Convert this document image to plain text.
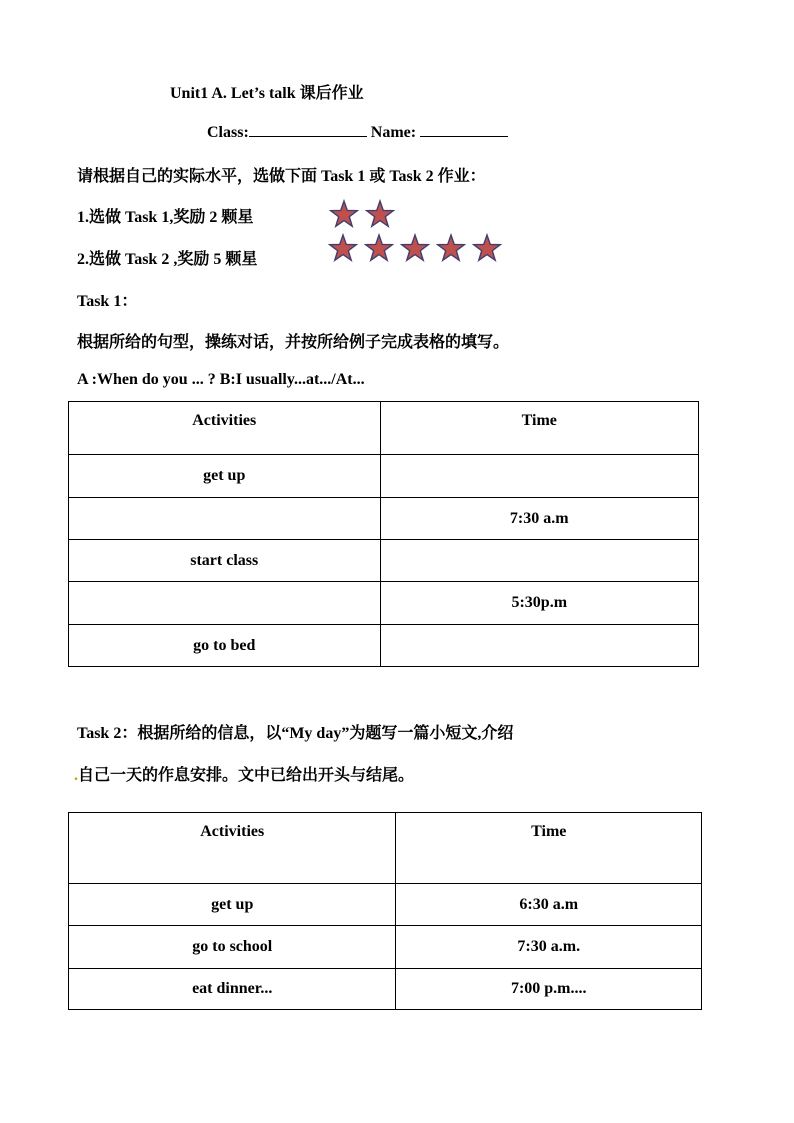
Unit1 A. Let’s talk 课后作业
Class:	Name:
请根据自己的实际水平，选做下面 Task 1 或 Task 2 作业：
1.选做 Task 1,奖励 2 颗星
2.选做 Task 2 ,奖励 5 颗星
Task 1：
根据所给的句型，操练对话，并按所给例子完成表格的填写。
A :When do you ... ? B:I usually...at.../At...
Activities	Time
get up	
	7:30 a.m
start class	
	5:30p.m
go to bed	
Task 2：根据所给的信息，以“My day”为题写一篇小短文,介绍
.自己一天的作息安排。文中已给出开头与结尾。
Activities	Time
get up	6:30 a.m
go to school	7:30 a.m.
eat dinner...	7:00 p.m....
